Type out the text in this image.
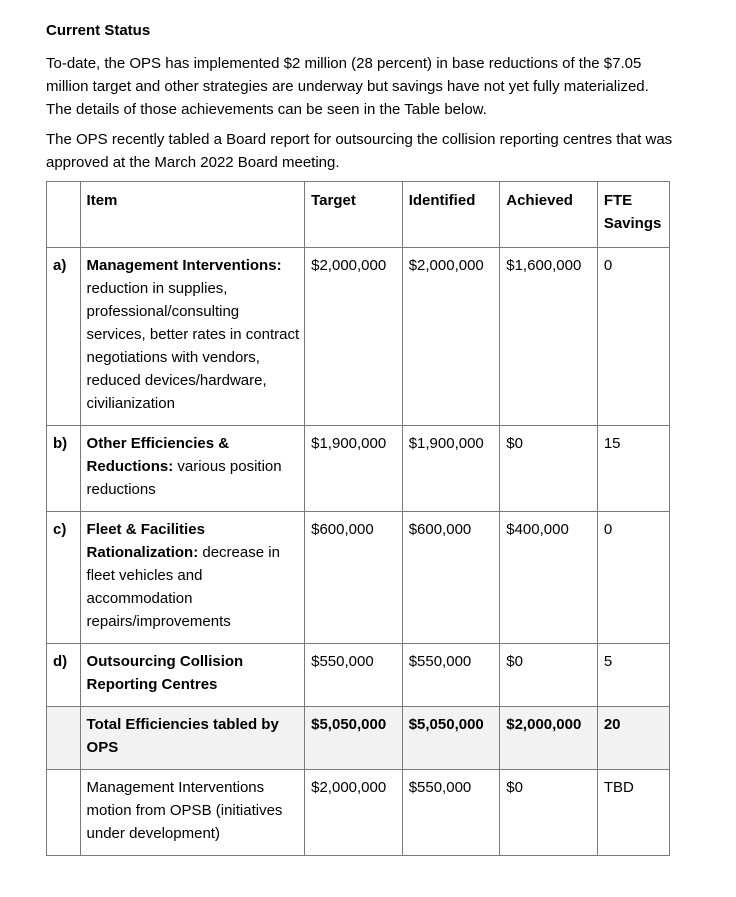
Current Status

To-date, the OPS has implemented $2 million (28 percent) in base reductions of the $7.05 million target and other strategies are underway but savings have not yet fully materialized. The details of those achievements can be seen in the Table below.

The OPS recently tabled a Board report for outsourcing the collision reporting centres that was approved at the March 2022 Board meeting.

	Item	Target	Identified	Achieved	FTE Savings
a)	Management Interventions: reduction in supplies, professional/consulting services, better rates in contract negotiations with vendors, reduced devices/hardware, civilianization	$2,000,000	$2,000,000	$1,600,000	0
b)	Other Efficiencies & Reductions: various position reductions	$1,900,000	$1,900,000	$0	15
c)	Fleet & Facilities Rationalization: decrease in fleet vehicles and accommodation repairs/improvements	$600,000	$600,000	$400,000	0
d)	Outsourcing Collision Reporting Centres	$550,000	$550,000	$0	5
	Total Efficiencies tabled by OPS	$5,050,000	$5,050,000	$2,000,000	20
	Management Interventions motion from OPSB (initiatives under development)	$2,000,000	$550,000	$0	TBD
